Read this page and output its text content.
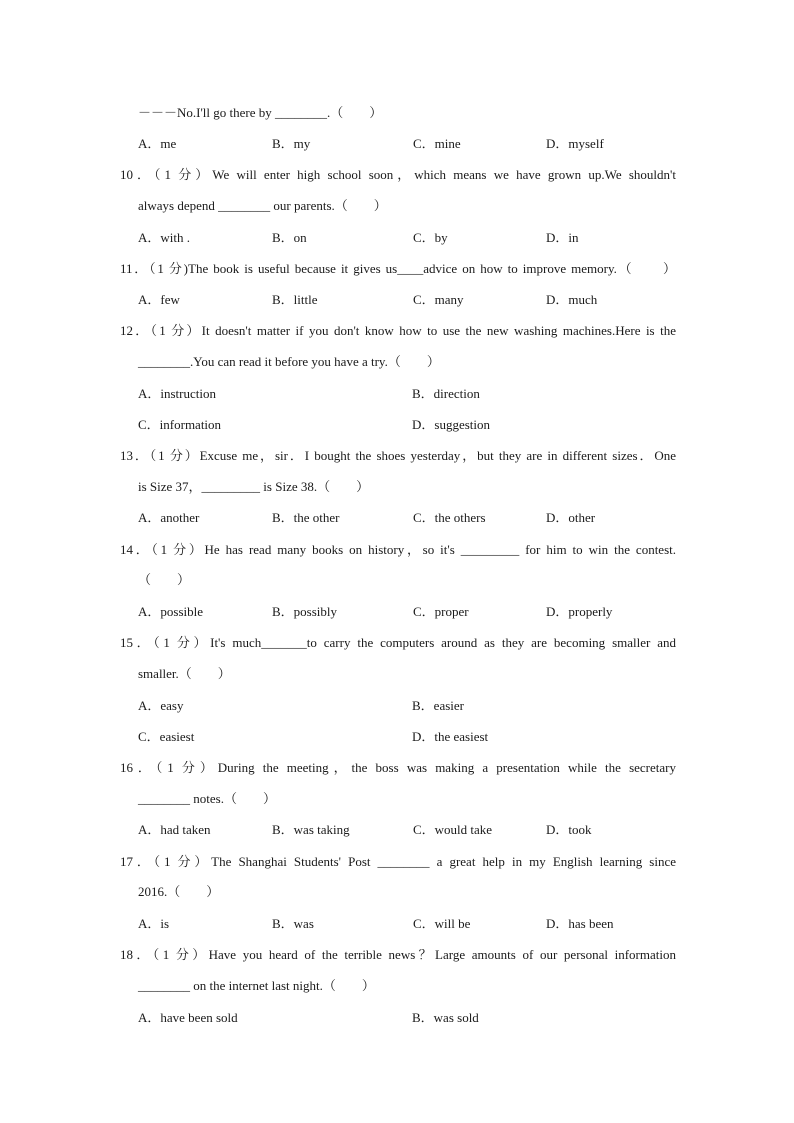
－－－No.I'll go there by ________.（　　）
A．me	B．my	C．mine	D．myself
10．（1 分）We will enter high school soon，which means we have grown up.We shouldn't
always depend ________ our parents.（　　）
A．with .	B．on	C．by	D．in
11．（1 分)The book is useful because it gives us____advice on how to improve memory.（　　）
A．few	B．little	C．many	D．much
12．（1 分）It doesn't matter if you don't know how to use the new washing machines.Here is the
________.You can read it before you have a try.（　　）
A．instruction	B．direction
C．information	D．suggestion
13．（1 分）Excuse me，sir．I bought the shoes yesterday，but they are in different sizes．One
is Size 37，_________ is Size 38.（　　）
A．another	B．the other	C．the others	D．other
14．（1 分）He has read many books on history，so it's _________ for him to win the contest.
（　　）
A．possible	B．possibly	C．proper	D．properly
15．（1 分）It's much_______to carry the computers around as they are becoming smaller and
smaller.（　　）
A．easy	B．easier
C．easiest	D．the easiest
16．（1 分）During the meeting，the boss was making a presentation while the secretary
________ notes.（　　）
A．had taken	B．was taking	C．would take	D．took
17．（1 分）The Shanghai Students' Post ________ a great help in my English learning since
2016.（　　）
A．is	B．was	C．will be	D．has been
18．（1 分）Have you heard of the terrible news？Large amounts of our personal information
________ on the internet last night.（　　）
A．have been sold	B．was sold
